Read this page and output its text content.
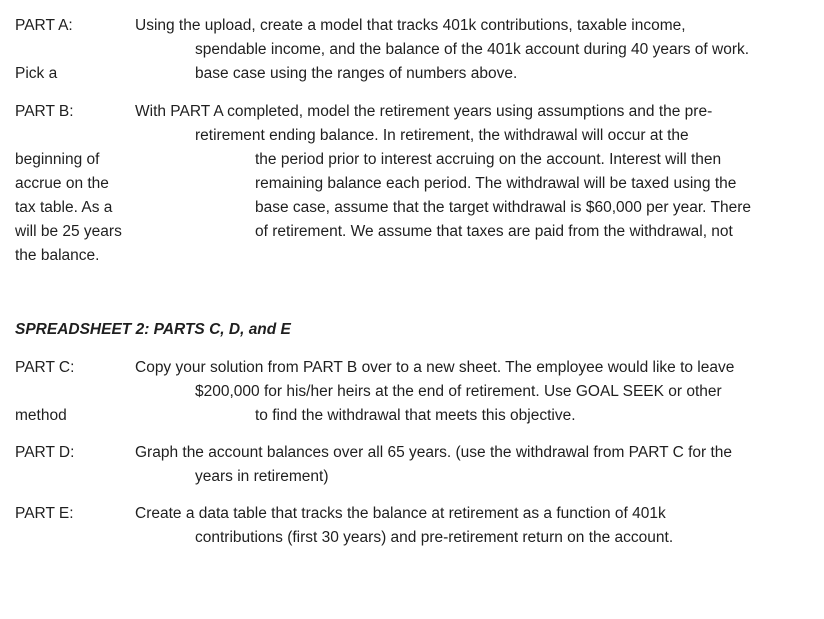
PART A:	Using the upload, create a model that tracks 401k contributions, taxable income,
spendable income, and the balance of the 401k account during 40 years of work.
Pick a	base case using the ranges of numbers above.
PART B:	With PART A completed, model the retirement years using assumptions and the pre-
retirement ending balance. In retirement, the withdrawal will occur at the
beginning of	the period prior to interest accruing on the account. Interest will then
accrue on the	remaining balance each period. The withdrawal will be taxed using the
tax table. As a	base case, assume that the target withdrawal is $60,000 per year. There
will be 25 years	of retirement. We assume that taxes are paid from the withdrawal, not
the balance.
SPREADSHEET 2: PARTS C, D, and E
PART C:	Copy your solution from PART B over to a new sheet. The employee would like to leave
$200,000 for his/her heirs at the end of retirement. Use GOAL SEEK or other
method	to find the withdrawal that meets this objective.
PART D:	Graph the account balances over all 65 years. (use the withdrawal from PART C for the
years in retirement)
PART E:	Create a data table that tracks the balance at retirement as a function of 401k
contributions (first 30 years) and pre-retirement return on the account.
